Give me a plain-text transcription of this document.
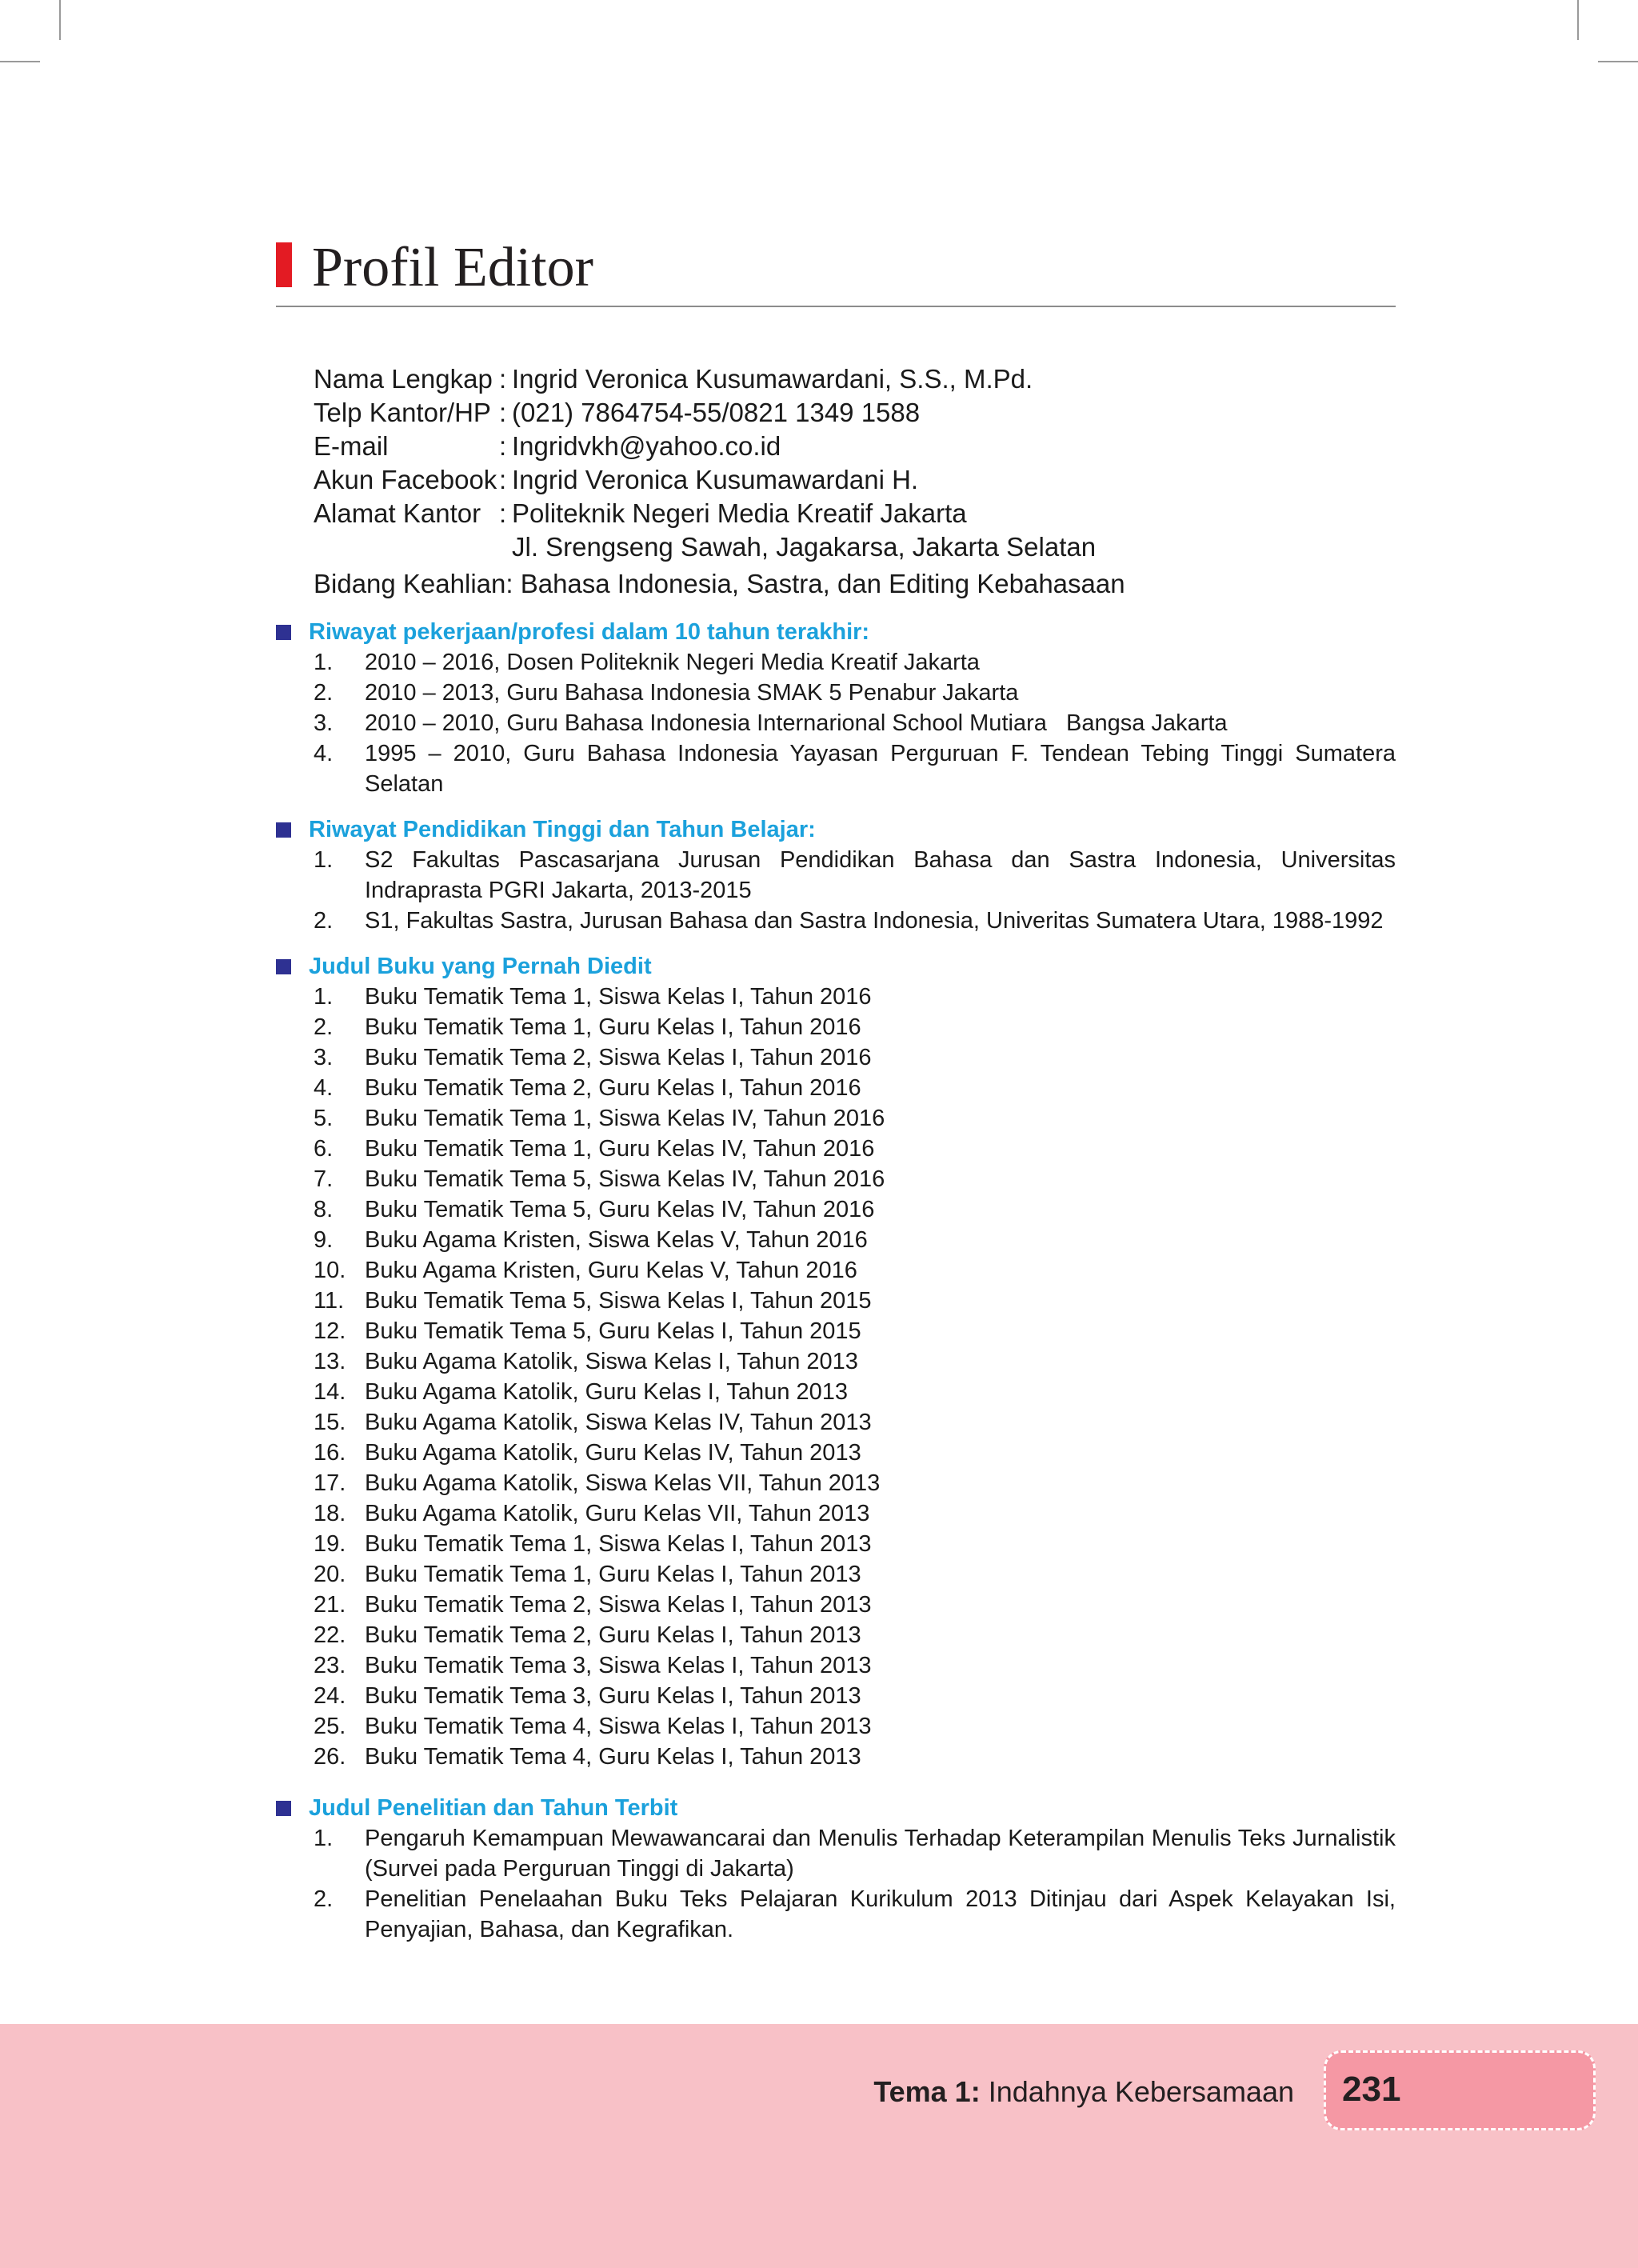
Profil Editor
Nama Lengkap : Ingrid Veronica Kusumawardani, S.S., M.Pd.
Telp Kantor/HP : (021) 7864754-55/0821 1349 1588
E-mail	: Ingridvkh@yahoo.co.id
Akun Facebook : Ingrid Veronica Kusumawardani H.
Alamat Kantor : Politeknik Negeri Media Kreatif Jakarta
Jl. Srengseng Sawah, Jagakarsa, Jakarta Selatan
Bidang Keahlian: Bahasa Indonesia, Sastra, dan Editing Kebahasaan
Riwayat pekerjaan/profesi dalam 10 tahun terakhir:
1.	2010 – 2016, Dosen Politeknik Negeri Media Kreatif Jakarta
2.	2010 – 2013, Guru Bahasa Indonesia SMAK 5 Penabur Jakarta
3.	2010 – 2010, Guru Bahasa Indonesia Internarional School Mutiara   Bangsa Jakarta
4.	1995 – 2010, Guru Bahasa Indonesia Yayasan Perguruan F. Tendean Tebing Tinggi Sumatera Selatan
Riwayat Pendidikan Tinggi dan Tahun Belajar:
1.	S2 Fakultas Pascasarjana Jurusan Pendidikan Bahasa dan Sastra Indonesia, Universitas Indraprasta PGRI Jakarta, 2013-2015
2.	S1, Fakultas Sastra, Jurusan Bahasa dan Sastra Indonesia, Univeritas Sumatera Utara, 1988-1992
Judul Buku yang Pernah Diedit
1.	Buku Tematik Tema 1, Siswa Kelas I, Tahun 2016
2.	Buku Tematik Tema 1, Guru Kelas I, Tahun 2016
3.	Buku Tematik Tema 2, Siswa Kelas I, Tahun 2016
4.	Buku Tematik Tema 2, Guru Kelas I, Tahun 2016
5.	Buku Tematik Tema 1, Siswa Kelas IV, Tahun 2016
6.	Buku Tematik Tema 1, Guru Kelas IV, Tahun 2016
7.	Buku Tematik Tema 5, Siswa Kelas IV, Tahun 2016
8.	Buku Tematik Tema 5, Guru Kelas IV, Tahun 2016
9.	Buku Agama Kristen, Siswa Kelas V, Tahun 2016
10. Buku Agama Kristen, Guru Kelas V, Tahun 2016
11. Buku Tematik Tema 5, Siswa Kelas I, Tahun 2015
12. Buku Tematik Tema 5, Guru Kelas I, Tahun 2015
13. Buku Agama Katolik, Siswa Kelas I, Tahun 2013
14. Buku Agama Katolik, Guru Kelas I, Tahun 2013
15. Buku Agama Katolik, Siswa Kelas IV, Tahun 2013
16. Buku Agama Katolik, Guru Kelas IV, Tahun 2013
17. Buku Agama Katolik, Siswa Kelas VII, Tahun 2013
18. Buku Agama Katolik, Guru Kelas VII, Tahun 2013
19. Buku Tematik Tema 1, Siswa Kelas I, Tahun 2013
20. Buku Tematik Tema 1, Guru Kelas I, Tahun 2013
21. Buku Tematik Tema 2, Siswa Kelas I, Tahun 2013
22. Buku Tematik Tema 2, Guru Kelas I, Tahun 2013
23. Buku Tematik Tema 3, Siswa Kelas I, Tahun 2013
24. Buku Tematik Tema 3, Guru Kelas I, Tahun 2013
25. Buku Tematik Tema 4, Siswa Kelas I, Tahun 2013
26. Buku Tematik Tema 4, Guru Kelas I, Tahun 2013
Judul Penelitian dan Tahun Terbit
1.	Pengaruh Kemampuan Mewawancarai dan Menulis Terhadap Keterampilan Menulis Teks Jurnalistik (Survei pada Perguruan Tinggi di Jakarta)
2.	Penelitian Penelaahan Buku Teks Pelajaran Kurikulum 2013 Ditinjau dari Aspek Kelayakan Isi, Penyajian, Bahasa, dan Kegrafikan.
Tema 1: Indahnya Kebersamaan 231
